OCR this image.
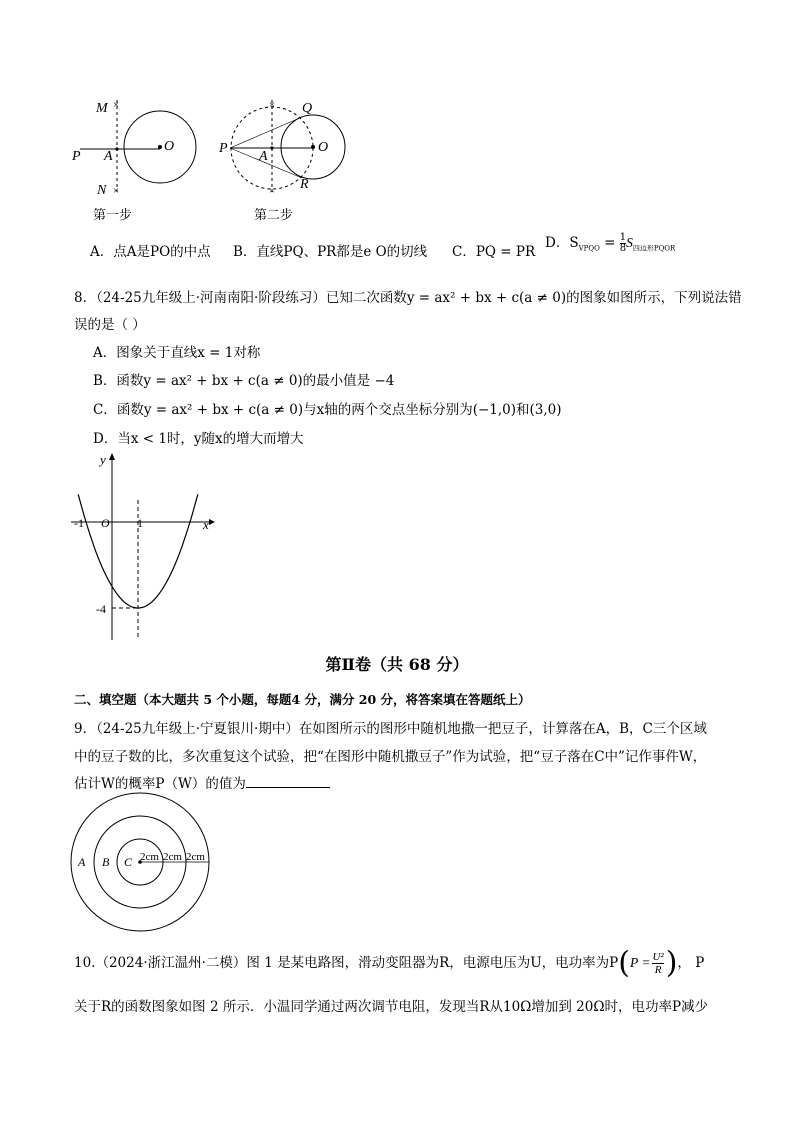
×
×
M
N
P A
O
第一步
×
×
P
A
O
Q
R
第二步
A．点A是PO的中点 B．直线PQ、PR都是e O的切线 C．PQ = PR
D．$S_{VPQO} = \frac{1}{8} S_{四边形PQOR}$
8．（24-25九年级上·河南南阳·阶段练习）已知二次函数y = ax² + bx + c(a ≠ 0)的图象如图所示，下列说法错
误的是（ ）
A．图象关于直线x = 1对称
B．函数y = ax² + bx + c(a ≠ 0)的最小值是 −4
C．函数y = ax² + bx + c(a ≠ 0)与x轴的两个交点坐标分别为(−1,0)和(3,0)
D．当x < 1时，y随x的增大而增大
y
x
O
-1	1
-4
第Ⅱ卷（共 68 分）
二、填空题（本大题共 5 个小题，每题4 分，满分 20 分，将答案填在答题纸上）
9．（24-25九年级上·宁夏银川·期中）在如图所示的图形中随机地撒一把豆子，计算落在A，B，C三个区域
中的豆子数的比，多次重复这个试验，把“在图形中随机撒豆子”作为试验，把“豆子落在C中”记作事件W，
估计W的概率P（W）的值为
A B C 2cm 2cm 2cm
10.（2024·浙江温州·二模）图 1 是某电路图，滑动变阻器为R，电源电压为U，电功率为$P(P = \frac{\text{U²}}{R}$ )， P
关于R的函数图象如图 2 所示．小温同学通过两次调节电阻，发现当R从10Ω增加到 20Ω时，电功率P减少
